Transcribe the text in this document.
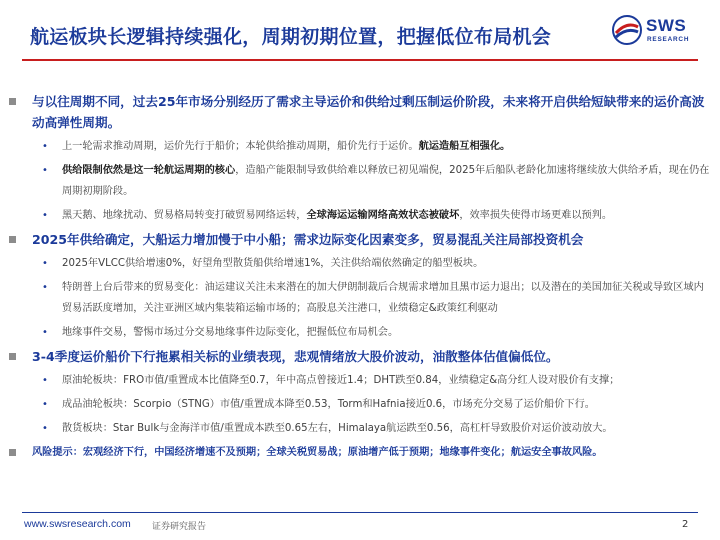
航运板块长逻辑持续强化，周期初期位置，把握低位布局机会
SWS
RESEARCH
与以往周期不同，过去25年市场分别经历了需求主导运价和供给过剩压制运价阶段，未来将开启供给短缺带来的运价高波动高弹性周期。
• 上一轮需求推动周期，运价先行于船价；本轮供给推动周期，船价先行于运价。航运造船互相强化。
• 供给限制依然是这一轮航运周期的核心，造船产能限制导致供给难以释放已初见端倪，2025年后船队老龄化加速将继续放大供给矛盾，现在仍在周期初期阶段。
• 黑天鹅、地缘扰动、贸易格局转变打破贸易网络运转，全球海运运输网络高效状态被破坏，效率损失使得市场更难以预判。
2025年供给确定，大船运力增加慢于中小船；需求边际变化因素变多，贸易混乱关注局部投资机会
• 2025年VLCC供给增速0%，好望角型散货船供给增速1%，关注供给端依然确定的船型板块。
• 特朗普上台后带来的贸易变化：油运建议关注未来潜在的加大伊朗制裁后合规需求增加且黑市运力退出；以及潜在的美国加征关税或导致区域内贸易活跃度增加，关注亚洲区域内集装箱运输市场的；高股息关注港口，业绩稳定&政策红利驱动
• 地缘事件交易，警惕市场过分交易地缘事件边际变化，把握低位布局机会。
3-4季度运价船价下行拖累相关标的业绩表现，悲观情绪放大股价波动，油散整体估值偏低位。
• 原油轮板块：FRO市值/重置成本比值降至0.7，年中高点曾接近1.4；DHT跌至0.84，业绩稳定&高分红人设对股价有支撑；
• 成品油轮板块：Scorpio（STNG）市值/重置成本降至0.53，Torm和Hafnia接近0.6，市场充分交易了运价船价下行。
• 散货板块：Star Bulk与金海洋市值/重置成本跌至0.65左右，Himalaya航运跌至0.56，高杠杆导致股价对运价波动放大。
风险提示：宏观经济下行，中国经济增速不及预期；全球关税贸易战；原油增产低于预期；地缘事件变化；航运安全事故风险。
www.swsresearch.com 证券研究报告	2
